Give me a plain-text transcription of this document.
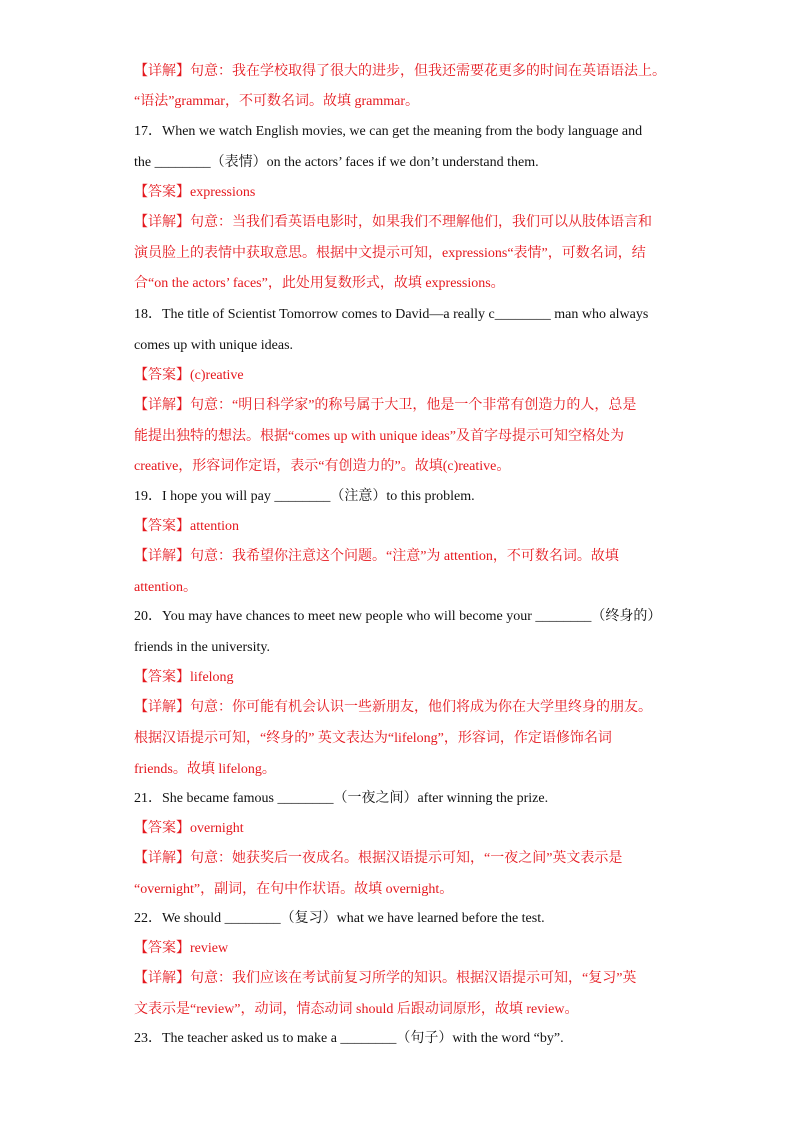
【详解】句意：我在学校取得了很大的进步，但我还需要花更多的时间在英语语法上。
“语法”grammar，不可数名词。故填 grammar。
17．When we watch English movies, we can get the meaning from the body language and
the ________（表情）on the actors’ faces if we don’t understand them.
【答案】expressions
【详解】句意：当我们看英语电影时，如果我们不理解他们，我们可以从肢体语言和
演员脸上的表情中获取意思。根据中文提示可知，expressions“表情”，可数名词，结
合“on the actors’ faces”，此处用复数形式，故填 expressions。
18．The title of Scientist Tomorrow comes to David—a really c________ man who always
comes up with unique ideas.
【答案】(c)reative
【详解】句意：“明日科学家”的称号属于大卫，他是一个非常有创造力的人，总是
能提出独特的想法。根据“comes up with unique ideas”及首字母提示可知空格处为
creative，形容词作定语，表示“有创造力的”。故填(c)reative。
19．I hope you will pay ________（注意）to this problem.
【答案】attention
【详解】句意：我希望你注意这个问题。“注意”为 attention，不可数名词。故填
attention。
20．You may have chances to meet new people who will become your ________（终身的）
friends in the university.
【答案】lifelong
【详解】句意：你可能有机会认识一些新朋友，他们将成为你在大学里终身的朋友。
根据汉语提示可知，“终身的” 英文表达为“lifelong”，形容词，作定语修饰名词
friends。故填 lifelong。
21．She became famous ________（一夜之间）after winning the prize.
【答案】overnight
【详解】句意：她获奖后一夜成名。根据汉语提示可知，“一夜之间”英文表示是
“overnight”，副词，在句中作状语。故填 overnight。
22．We should ________（复习）what we have learned before the test.
【答案】review
【详解】句意：我们应该在考试前复习所学的知识。根据汉语提示可知，“复习”英
文表示是“review”，动词，情态动词 should 后跟动词原形，故填 review。
23．The teacher asked us to make a ________（句子）with the word “by”.
